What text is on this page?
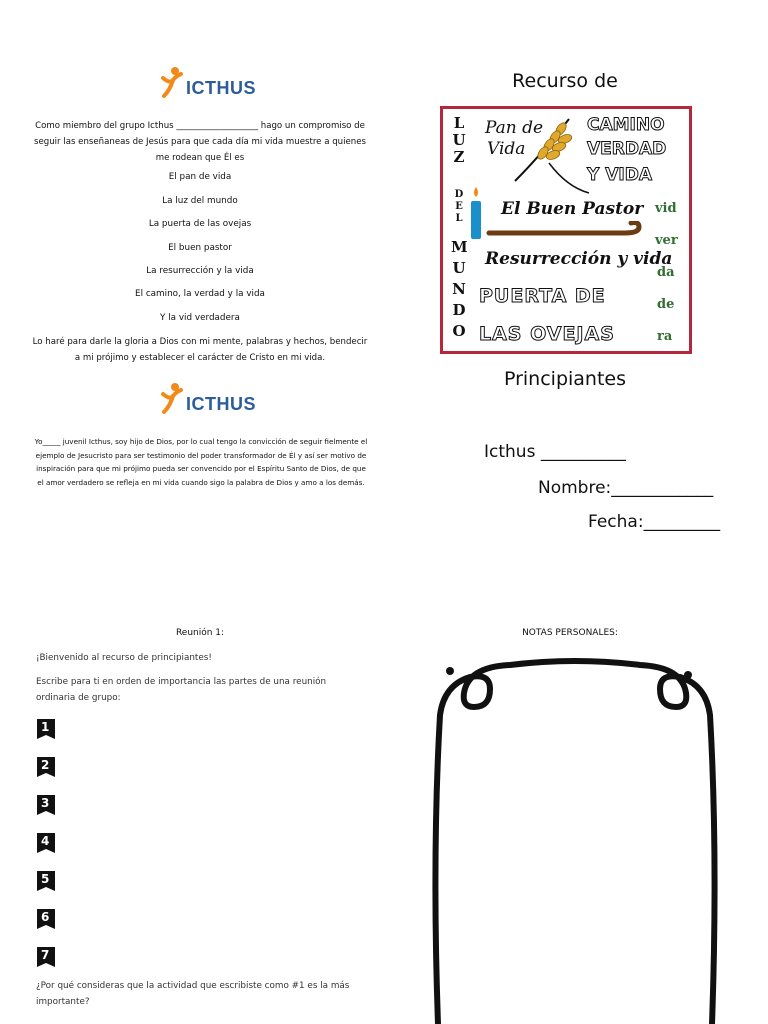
ICTHUS
Como miembro del grupo Icthus ___________________ hago un compromiso de seguir las enseñaneas de Jesús para que cada día mi vida muestre a quienes me rodean que Él es
El pan de vida
La luz del mundo
La puerta de las ovejas
El buen pastor
La resurrección y la vida
El camino, la verdad y la vida
Y la vid verdadera
Lo haré para darle la gloria a Dios con mi mente, palabras y hechos, bendecir a mi prójimo y establecer el carácter de Cristo en mi vida.
ICTHUS
Yo_____ juvenil Icthus, soy hijo de Dios, por lo cual tengo la convicción de seguir fielmente el ejemplo de Jesucristo para ser testimonio del poder transformador de Él y así ser motivo de inspiración para que mi prójimo pueda ser convencido por el Espíritu Santo de Dios, de que el amor verdadero se refleja en mi vida cuando sigo la palabra de Dios y amo a los demás.
Recurso de
LUZ
DEL
MUNDO
Pan de
Vida
CAMINO
VERDAD
Y VIDA
El Buen Pastor vid
ver
da
de
ra
Resurrección y vida
PUERTA DE
LAS OVEJAS
Principiantes
Icthus __________
Nombre:____________
Fecha:_________
Reunión 1:
¡Bienvenido al recurso de principiantes!
Escribe para ti en orden de importancia las partes de una reunión ordinaria de grupo:
1
2
3
4
5
6
7
¿Por qué consideras que la actividad que escribiste como #1 es la más importante?
NOTAS PERSONALES:
